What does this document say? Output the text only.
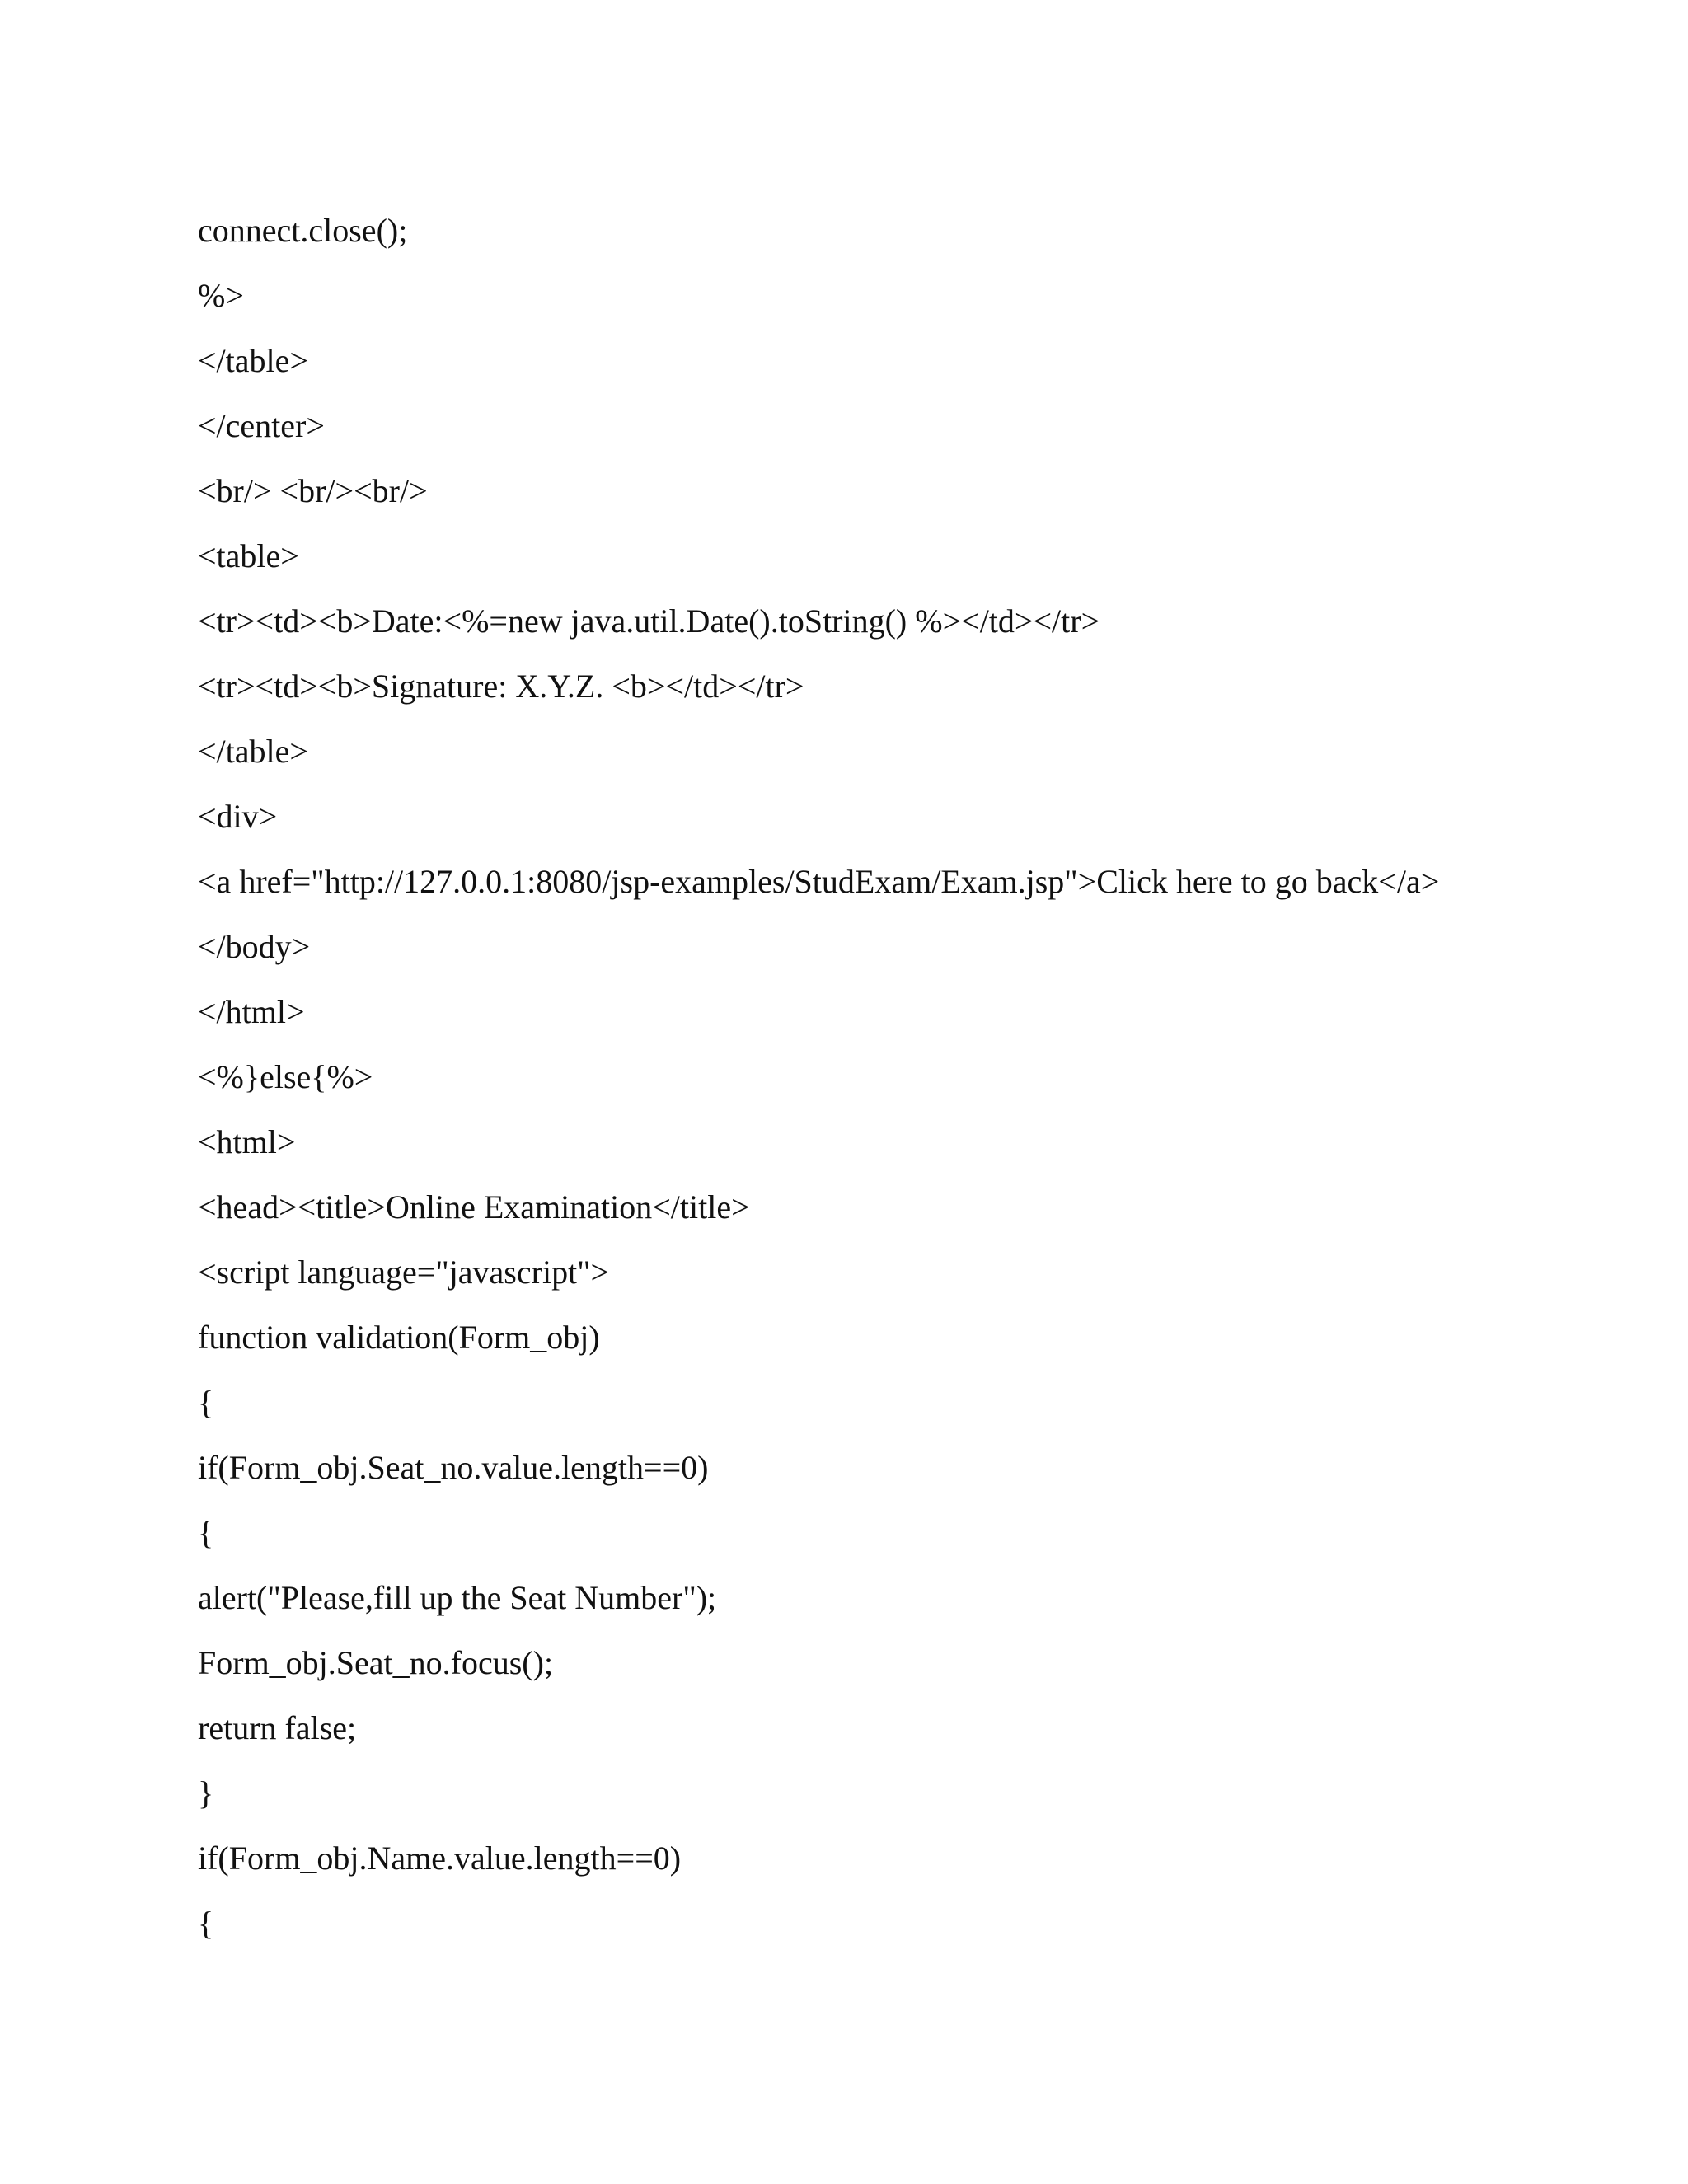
connect.close();
%>
</table>
</center>
<br/> <br/><br/>
<table>
<tr><td><b>Date:<%=new java.util.Date().toString() %></td></tr>
<tr><td><b>Signature: X.Y.Z. <b></td></tr>
</table>
<div>
<a href="http://127.0.0.1:8080/jsp-examples/StudExam/Exam.jsp">Click here to go back</a>
</body>
</html>
<%}else{%>
<html>
<head><title>Online Examination</title>
<script language="javascript">
function validation(Form_obj)
{
if(Form_obj.Seat_no.value.length==0)
{
alert("Please,fill up the Seat Number");
Form_obj.Seat_no.focus();
return false;
}
if(Form_obj.Name.value.length==0)
{
